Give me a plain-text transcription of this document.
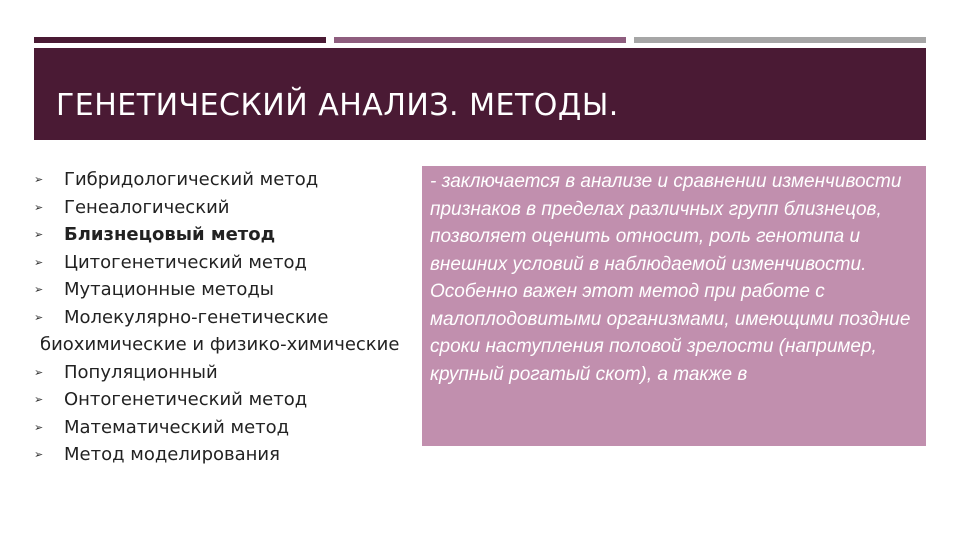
ГЕНЕТИЧЕСКИЙ АНАЛИЗ. МЕТОДЫ.
➢ Гибридологический метод
➢ Генеалогический
➢ Близнецовый метод
➢ Цитогенетический метод
➢ Мутационные методы
➢ Молекулярно-генетические
биохимические и физико-химические
➢ Популяционный
➢ Онтогенетический метод
➢ Математический метод
➢ Метод моделирования
- заключается в анализе и сравнении изменчивости признаков в пределах различных групп близнецов, позволяет оценить относит, роль генотипа и внешних условий в наблюдаемой изменчивости. Особенно важен этот метод при работе с малоплодовитыми организмами, имеющими поздние сроки наступления половой зрелости (например, крупный рогатый скот), а также в
